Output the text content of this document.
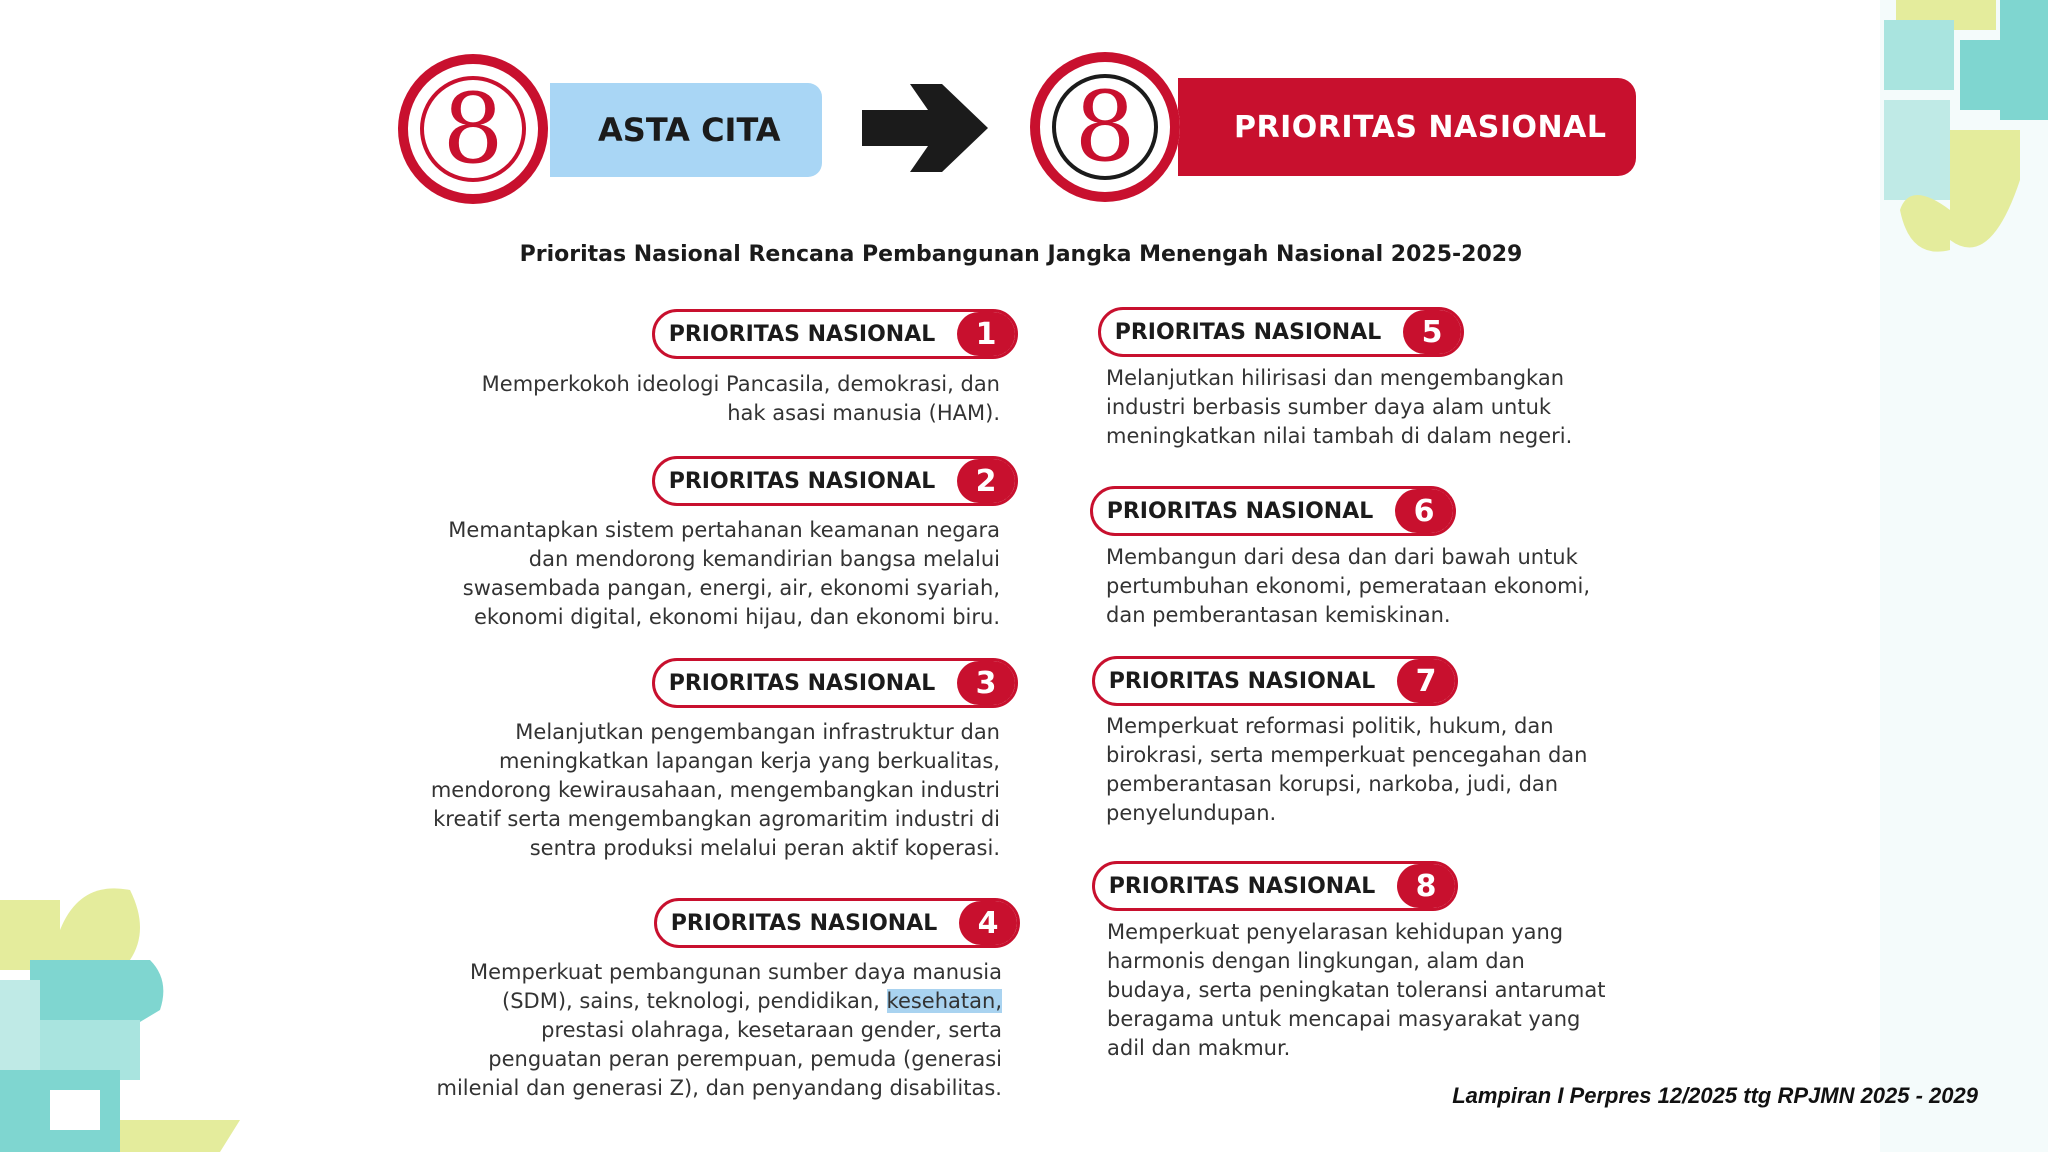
8	ASTA CITA	PRIORITAS NASIONAL
8
Prioritas Nasional Rencana Pembangunan Jangka Menengah Nasional 2025-2029
PRIORITAS NASIONAL	1
Memperkokoh ideologi Pancasila, demokrasi, dan
hak asasi manusia (HAM).
PRIORITAS NASIONAL	2
Memantapkan sistem pertahanan keamanan negara
dan mendorong kemandirian bangsa melalui
swasembada pangan, energi, air, ekonomi syariah,
ekonomi digital, ekonomi hijau, dan ekonomi biru.
PRIORITAS NASIONAL	3
Melanjutkan pengembangan infrastruktur dan
meningkatkan lapangan kerja yang berkualitas,
mendorong kewirausahaan, mengembangkan industri
kreatif serta mengembangkan agromaritim industri di
sentra produksi melalui peran aktif koperasi.
PRIORITAS NASIONAL	4
Memperkuat pembangunan sumber daya manusia
(SDM), sains, teknologi, pendidikan, kesehatan,
prestasi olahraga, kesetaraan gender, serta
penguatan peran perempuan, pemuda (generasi
milenial dan generasi Z), dan penyandang disabilitas.
PRIORITAS NASIONAL	5
Melanjutkan hilirisasi dan mengembangkan
industri berbasis sumber daya alam untuk
meningkatkan nilai tambah di dalam negeri.
PRIORITAS NASIONAL	6
Membangun dari desa dan dari bawah untuk
pertumbuhan ekonomi, pemerataan ekonomi,
dan pemberantasan kemiskinan.
PRIORITAS NASIONAL	7
Memperkuat reformasi politik, hukum, dan
birokrasi, serta memperkuat pencegahan dan
pemberantasan korupsi, narkoba, judi, dan
penyelundupan.
PRIORITAS NASIONAL	8
Memperkuat penyelarasan kehidupan yang
harmonis dengan lingkungan, alam dan
budaya, serta peningkatan toleransi antarumat
beragama untuk mencapai masyarakat yang
adil dan makmur.
Lampiran I Perpres 12/2025 ttg RPJMN 2025 - 2029
